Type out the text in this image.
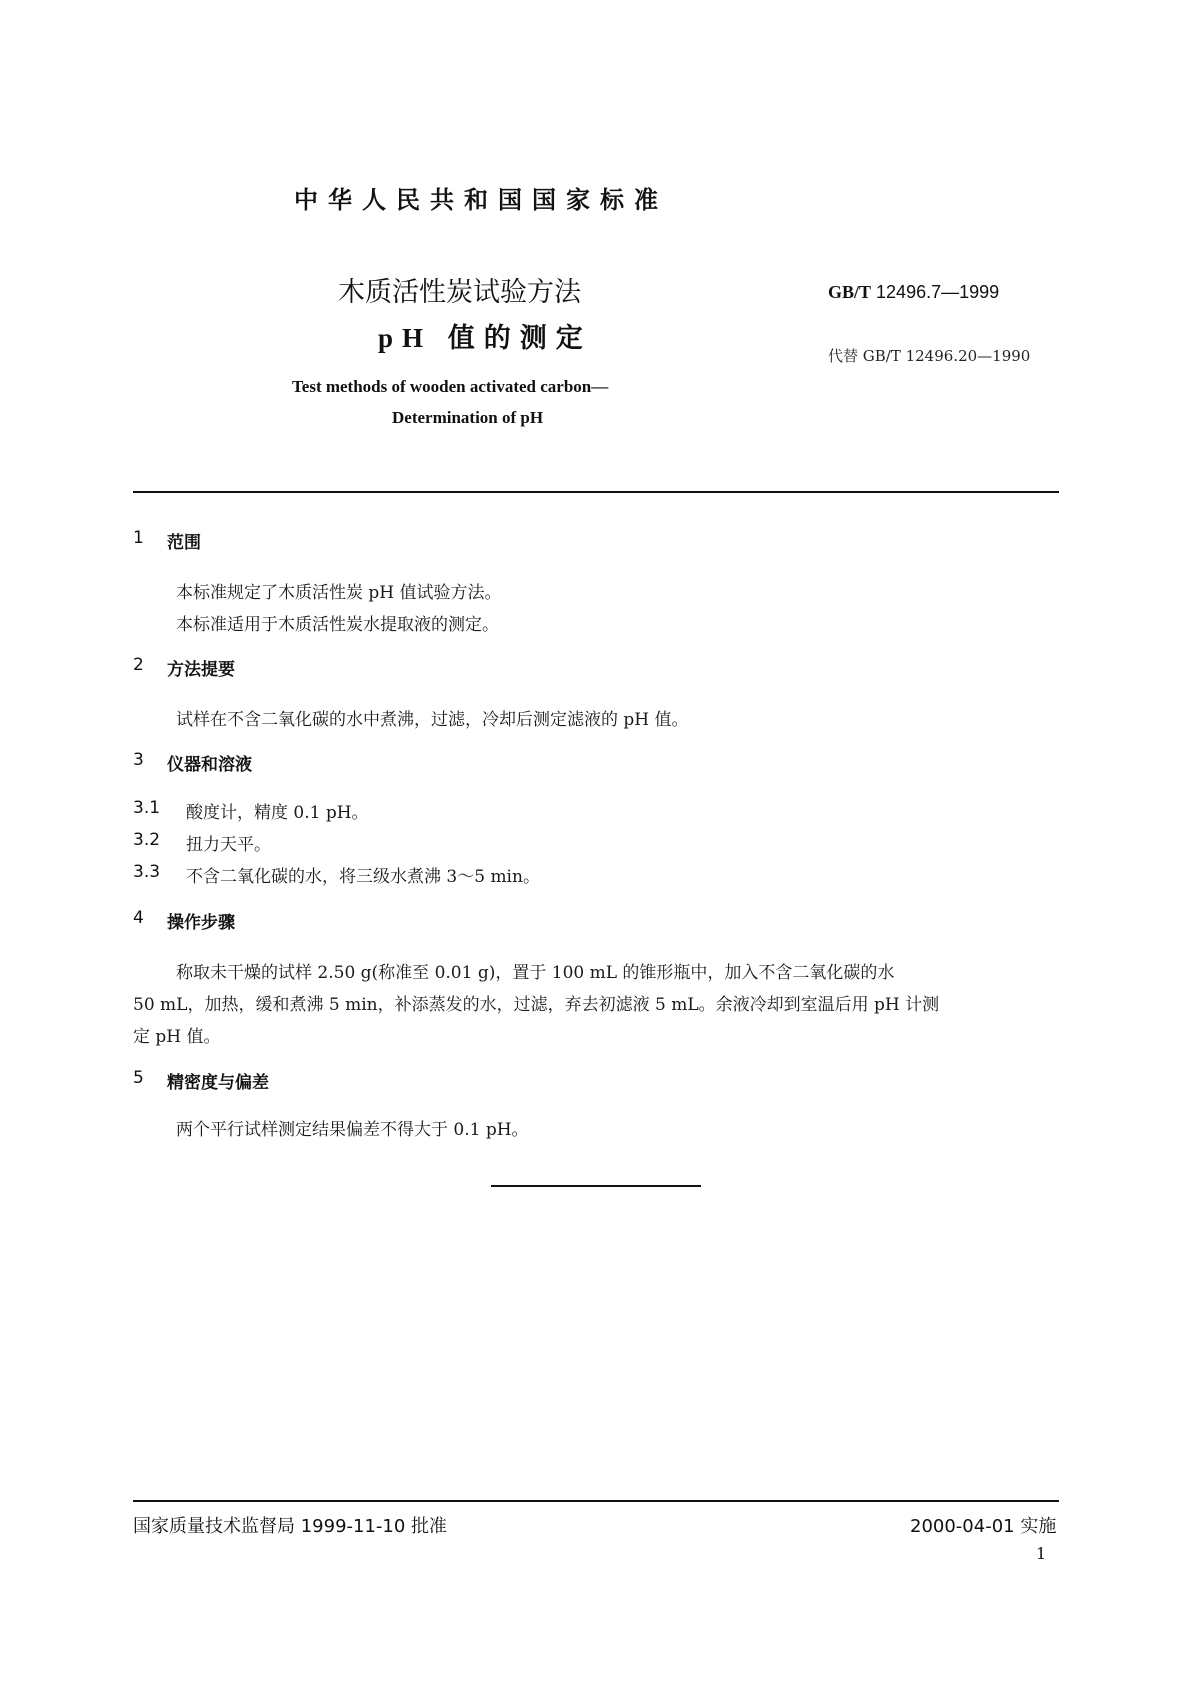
中华人民共和国国家标准
木质活性炭试验方法
pH 值的测定
Test methods of wooden activated carbon—
Determination of pH
GB/T 12496.7—1999
代替 GB/T 12496.20—1990
1 范围
本标准规定了木质活性炭 pH 值试验方法。
本标准适用于木质活性炭水提取液的测定。
2 方法提要
试样在不含二氧化碳的水中煮沸，过滤，冷却后测定滤液的 pH 值。
3 仪器和溶液
3.1 酸度计，精度 0.1 pH。
3.2 扭力天平。
3.3 不含二氧化碳的水，将三级水煮沸 3～5 min。
4 操作步骤
称取未干燥的试样 2.50 g(称准至 0.01 g)，置于 100 mL 的锥形瓶中，加入不含二氧化碳的水
50 mL，加热，缓和煮沸 5 min，补添蒸发的水，过滤，弃去初滤液 5 mL。余液冷却到室温后用 pH 计测
定 pH 值。
5 精密度与偏差
两个平行试样测定结果偏差不得大于 0.1 pH。
国家质量技术监督局 1999-11-10 批准	2000-04-01 实施
1
